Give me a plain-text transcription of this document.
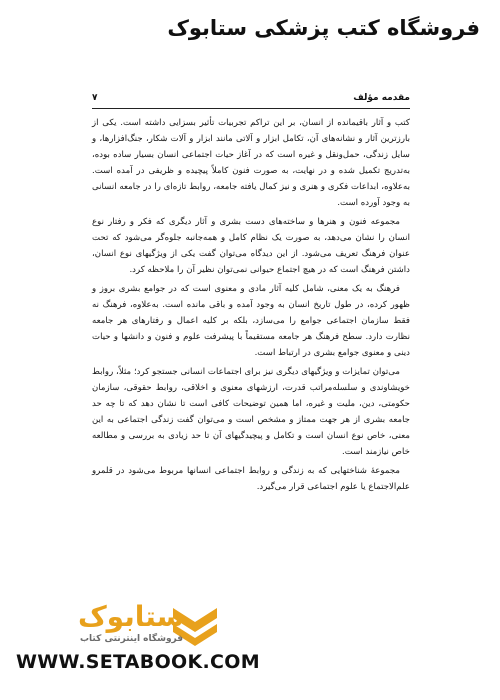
فروشگاه کتب پزشکی ستابوک
مقدمه مؤلف
۷

کتب و آثار باقیمانده از انسان، بر این تراکم تجربیات تأثیر بسزایی داشته است. یکی از بارزترین آثار و نشانه‌های آن، تکامل ابزار و آلاتی مانند ابزار و آلات شکار، جنگ‌افزارها، و سایل زندگی، حمل‌ونقل و غیره است که در آغاز حیات اجتماعی انسان بسیار ساده بوده، به‌تدریج تکمیل شده و در نهایت، به صورت فنون کاملاً پیچیده و ظریفی در آمده است. به‌علاوه، ابداعات فکری و هنری و نیز کمال یافته جامعه، روابط تازه‌ای را در جامعه انسانی به وجود آورده است.

مجموعه فنون و هنرها و ساخته‌های دست بشری و آثار دیگری که فکر و رفتار نوع انسان را نشان می‌دهد، به صورت یک نظام کامل و همه‌جانبه جلوه‌گر می‌شود که تحت عنوان فرهنگ تعریف می‌شود. از این دیدگاه می‌توان گفت یکی از ویژگیهای نوع انسان، داشتن فرهنگ است که در هیچ اجتماع حیوانی نمی‌توان نظیر آن را ملاحظه کرد.

فرهنگ به یک معنی، شامل کلیه آثار مادی و معنوی است که در جوامع بشری بروز و ظهور کرده، در طول تاریخ انسان به وجود آمده و باقی مانده است. به‌علاوه، فرهنگ نه فقط سازمان اجتماعی جوامع را می‌سازد، بلکه بر کلیه اعمال و رفتارهای هر جامعه نظارت دارد. سطح فرهنگ هر جامعه مستقیماً با پیشرفت علوم و فنون و دانشها و حیات دینی و معنوی جوامع بشری در ارتباط است.

می‌توان تمایزات و ویژگیهای دیگری نیز برای اجتماعات انسانی جستجو کرد؛ مثلاً، روابط خویشاوندی و سلسله‌مراتب قدرت، ارزشهای معنوی و اخلاقی، روابط حقوقی، سازمان حکومتی، دین، ملیت و غیره، اما همین توضیحات کافی است تا نشان دهد که تا چه حد جامعه بشری از هر جهت ممتاز و مشخص است و می‌توان گفت زندگی اجتماعی به این معنی، خاص نوع انسان است و تکامل و پیچیدگیهای آن تا حد زیادی به بررسی و مطالعه خاص نیازمند است.

مجموعهٔ شناختهایی که به زندگی و روابط اجتماعی انسانها مربوط می‌شود در قلمرو علم‌الاجتماع یا علوم اجتماعی قرار می‌گیرد.

ستابوک
فروشگاه اینترنتی کتاب
WWW.SETABOOK.COM
